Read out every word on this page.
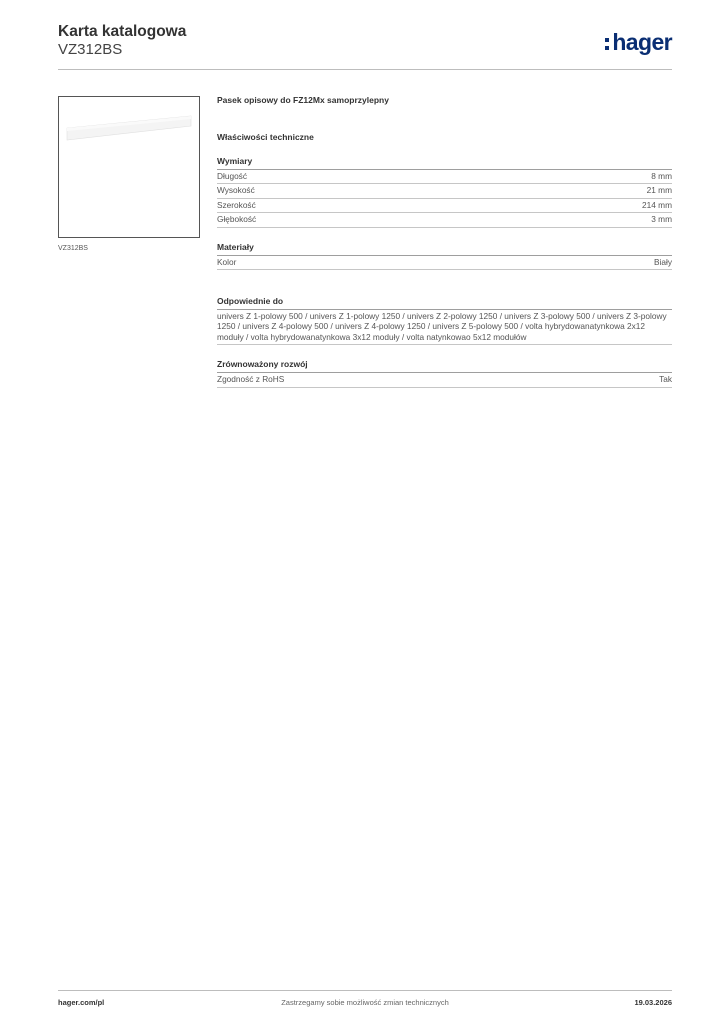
Karta katalogowa
VZ312BS	hager
VZ312BS
Pasek opisowy do FZ12Mx samoprzylepny
Właściwości techniczne
Wymiary
Długość	8 mm
Wysokość	21 mm
Szerokość	214 mm
Głębokość	3 mm
Materiały
Kolor	Biały
Odpowiednie do
univers Z 1-polowy 500 / univers Z 1-polowy 1250 / univers Z 2-polowy 1250 / univers Z 3-polowy 500 / univers Z 3-polowy 1250 / univers Z 4-polowy 500 / univers Z 4-polowy 1250 / univers Z 5-polowy 500 / volta hybrydowanatynkowa 2x12 moduły / volta hybrydowanatynkowa 3x12 moduły / volta natynkowao 5x12 modułów
Zrównoważony rozwój
Zgodność z RoHS	Tak
hager.com/pl	Zastrzegamy sobie możliwość zmian technicznych	19.03.2026
